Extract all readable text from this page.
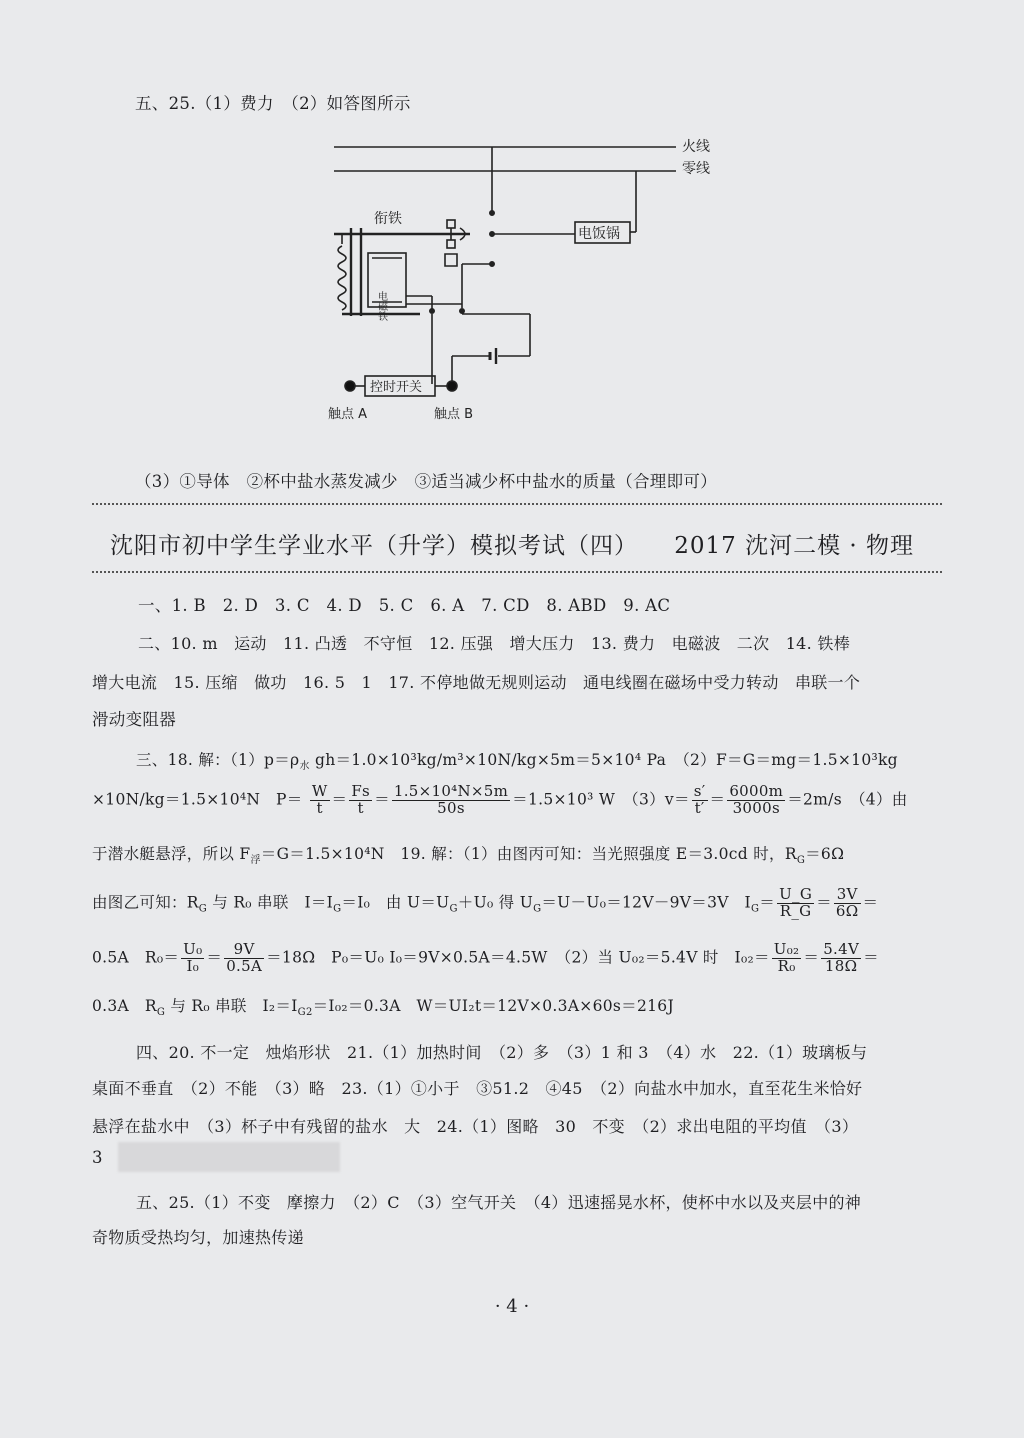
五、25.（1）费力　（2）如答图所示
火线
零线
衔铁
电饭锅
控时开关
触点 A	触点 B
电磁铁
（3）①导体　②杯中盐水蒸发减少　③适当减少杯中盐水的质量（合理即可）
沈阳市初中学生学业水平（升学）模拟考试（四） 2017 沈河二模 · 物理
一、1. B　2. D　3. C　4. D　5. C　6. A　7. CD　8. ABD　9. AC
二、10. m　运动　11. 凸透　不守恒　12. 压强　增大压力　13. 费力　电磁波　二次　14. 铁棒
增大电流　15. 压缩　做功　16. 5　1　17. 不停地做无规则运动　通电线圈在磁场中受力转动　串联一个
滑动变阻器
三、18. 解：$(1)p=\rho_水$ gh＝1.0×10³kg/m³×10N/kg×5m＝5×10⁴ Pa　（2）F＝G＝mg＝1.5×10³kg
×10N/kg＝1.5×10⁴N　$P= \frac{W}{t} = \frac{Fs}{t} = \frac{\text{1.5×10⁴N×5m}}{50s} =1.5\times 10^3$ W　$(3)v= \frac{s'}{t'} = \frac{6000m}{3000s} =2m/s$　（4）由
于潜水艇悬浮，所以 $F_浮=G=1.5\times 10^4N$　19. 解：（1）由图丙可知：当光照强度 E＝3.0cd 时，$R_G=6\Omega$
由图乙可知：$R_G$ 与 R₀ 串联　$I=I_G=I_0$　由 $U=U_G+U_0$ 得 $U_G=U-U_0=12V-9V=3V$　$I_G= \frac{U\_G}{R\_G} = \frac{3V}{6\Omega}$ ＝
0.5A　$R_0= \frac{\text{U₀}}{\text{I₀}} = \frac{9V}{0.5A} =18\Omega$　P₀＝U₀ I₀＝9V×0.5A＝4.5W　（2）当 U₀₂＝5.4V 时　$I_{02}= \frac{\text{U₀₂}}{\text{R₀}} = \frac{5.4V}{18\Omega}$ ＝
0.3A　$R_G$ 与 R₀ 串联　$I_2=I_{G2}=I_{02}=0.3A$　W＝UI₂t＝12V×0.3A×60s＝216J
四、20. 不一定　烛焰形状　21.（1）加热时间　（2）多　（3）1 和 3　（4）水　22.（1）玻璃板与
桌面不垂直　（2）不能　（3）略　23.（1）①小于　③51.2　④45　（2）向盐水中加水，直至花生米恰好
悬浮在盐水中　（3）杯子中有残留的盐水　大　24.（1）图略　30　不变　（2）求出电阻的平均值　（3）
3
五、25.（1）不变　摩擦力　（2）C　（3）空气开关　（4）迅速摇晃水杯，使杯中水以及夹层中的神
奇物质受热均匀，加速热传递
· 4 ·
